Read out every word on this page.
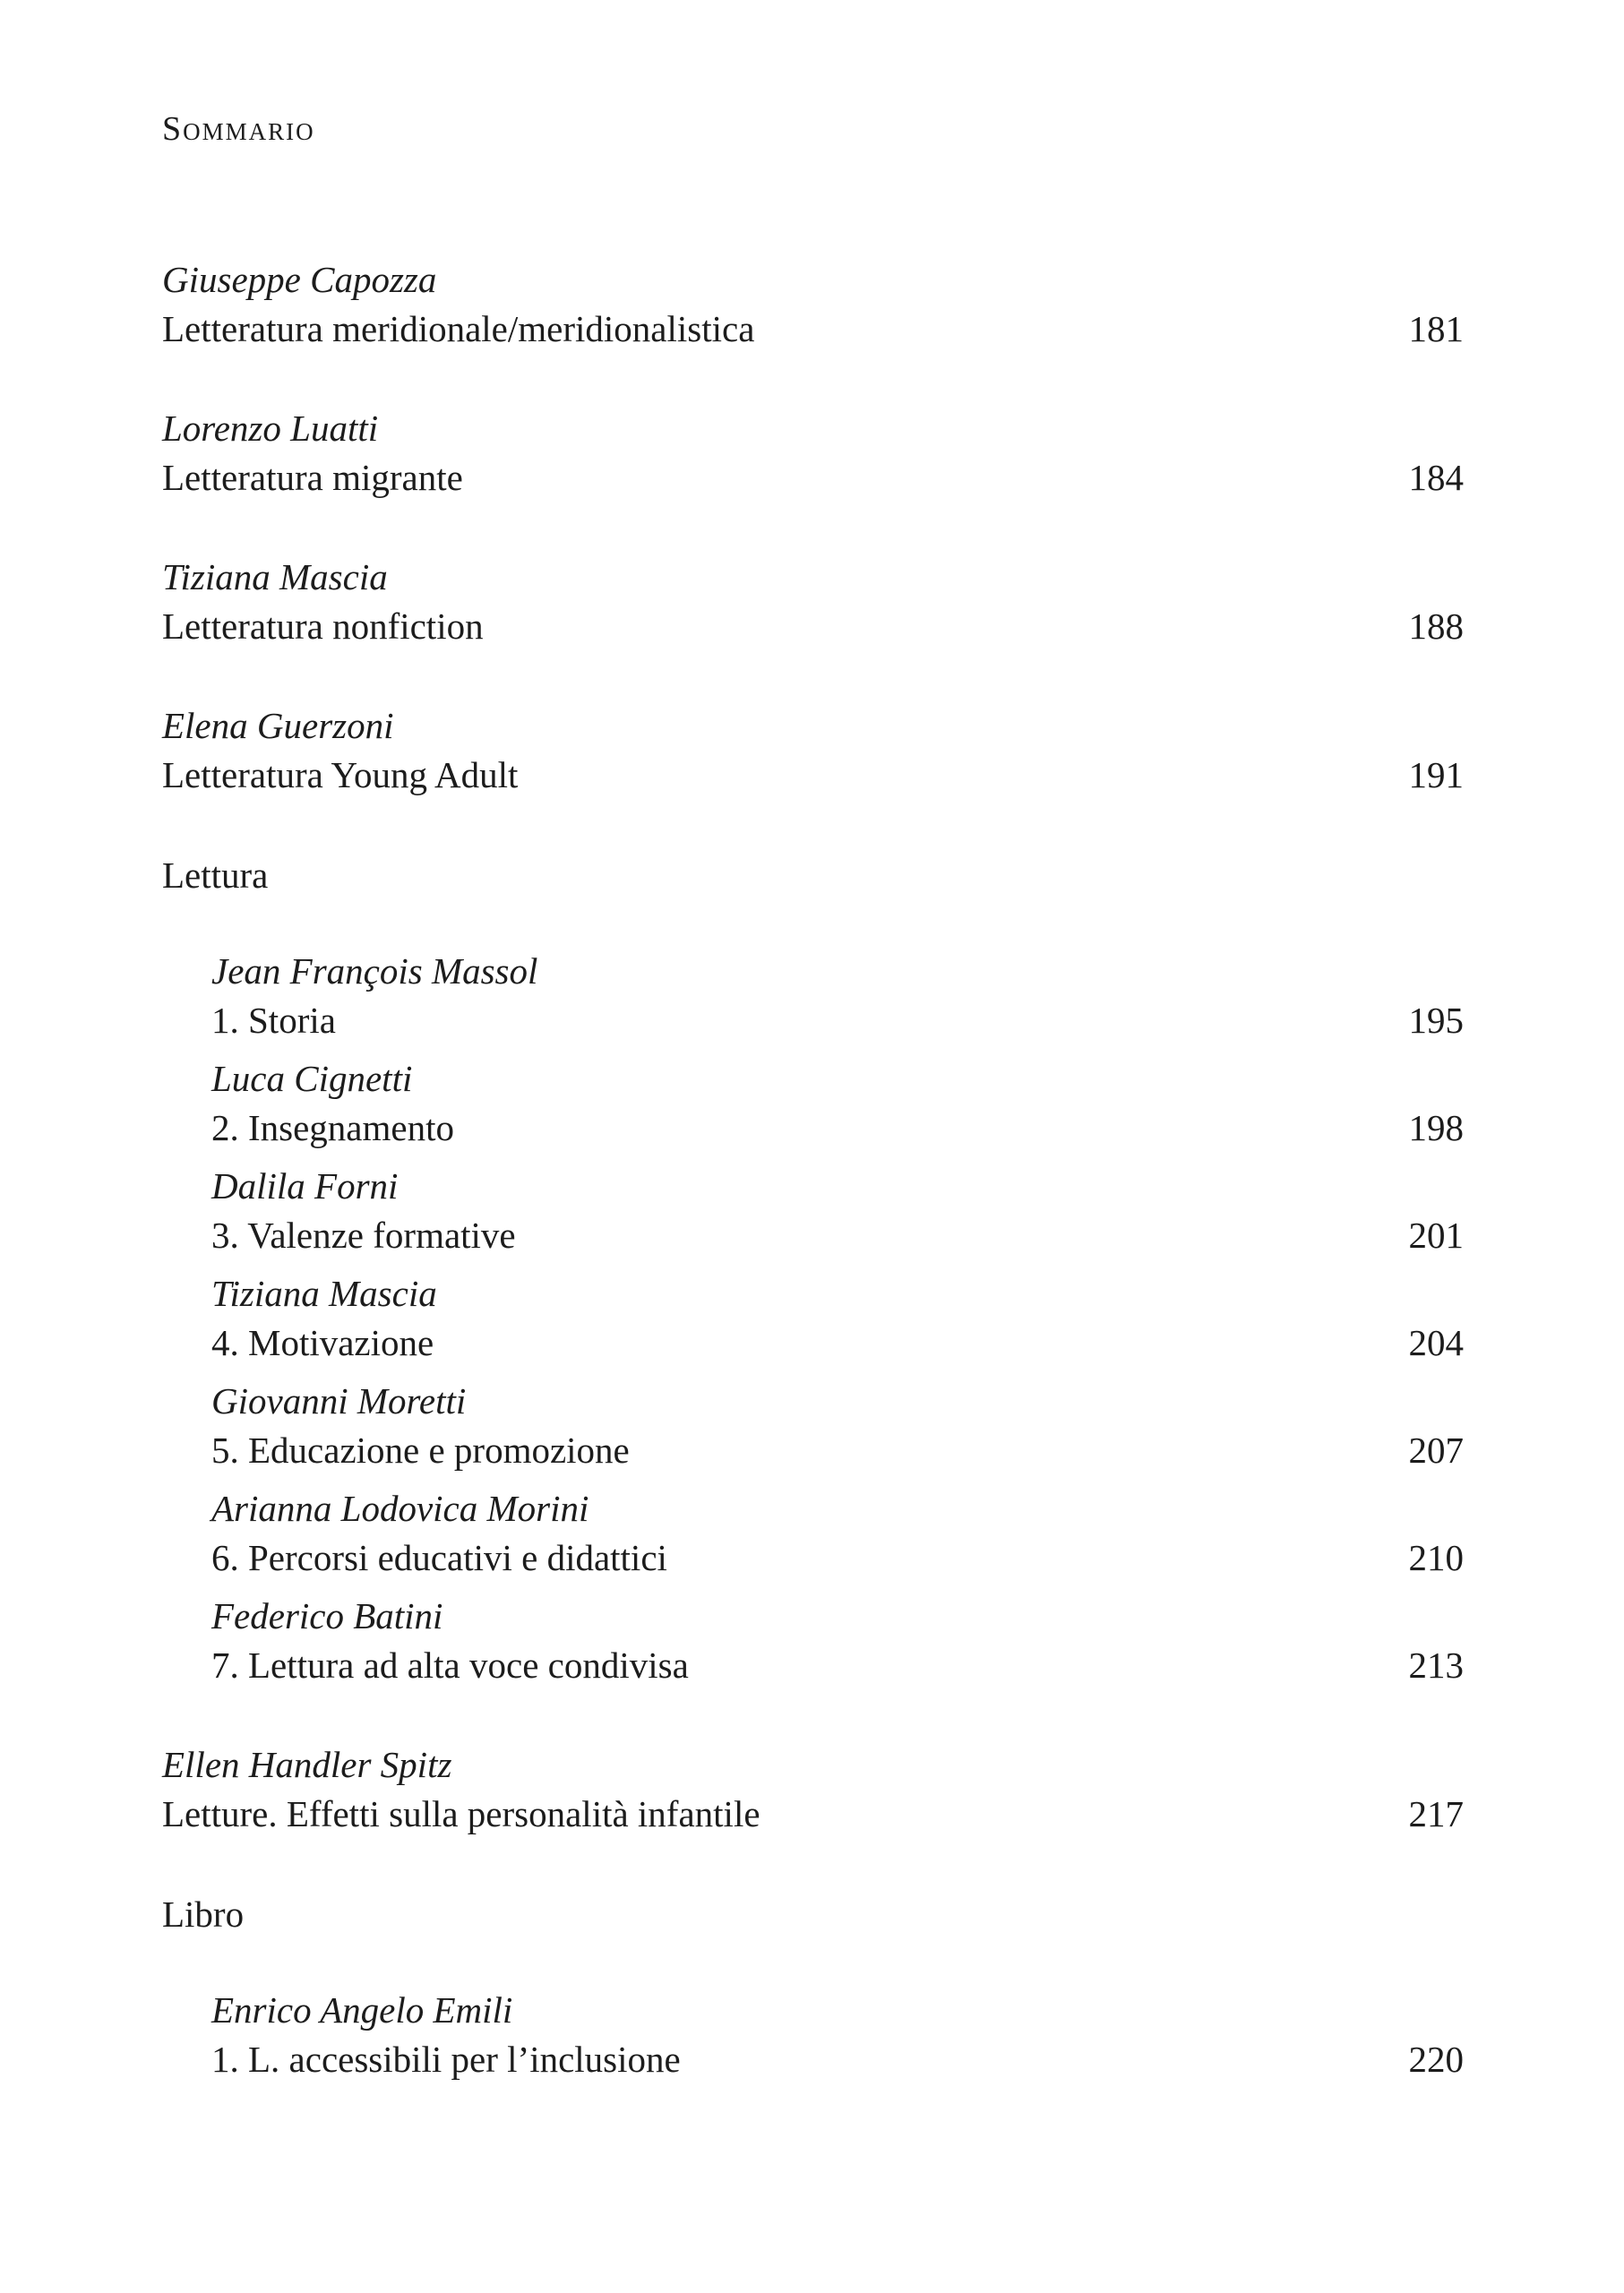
Sommario
Giuseppe Capozza
Letteratura meridionale/meridionalistica	181
Lorenzo Luatti
Letteratura migrante	184
Tiziana Mascia
Letteratura nonfiction	188
Elena Guerzoni
Letteratura Young Adult	191
Lettura
Jean François Massol
1. Storia	195
Luca Cignetti
2. Insegnamento	198
Dalila Forni
3. Valenze formative	201
Tiziana Mascia
4. Motivazione	204
Giovanni Moretti
5. Educazione e promozione	207
Arianna Lodovica Morini
6. Percorsi educativi e didattici	210
Federico Batini
7. Lettura ad alta voce condivisa	213
Ellen Handler Spitz
Letture. Effetti sulla personalità infantile	217
Libro
Enrico Angelo Emili
1. L. accessibili per l’inclusione	220
